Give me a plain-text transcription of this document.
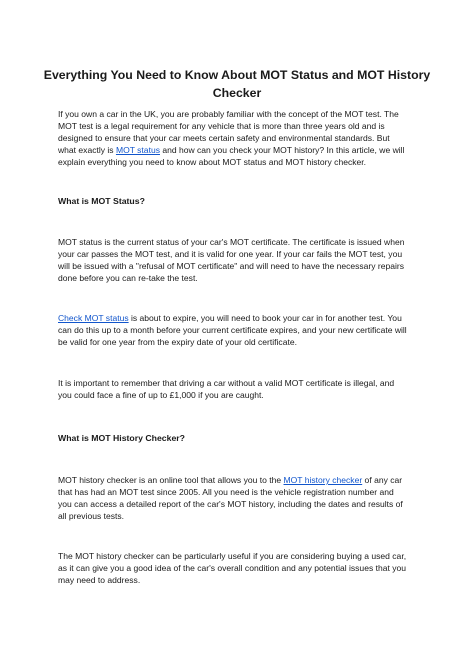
Everything You Need to Know About MOT Status and MOT History
Checker

If you own a car in the UK, you are probably familiar with the concept of the MOT test. The
MOT test is a legal requirement for any vehicle that is more than three years old and is
designed to ensure that your car meets certain safety and environmental standards. But
what exactly is MOT status and how can you check your MOT history? In this article, we will
explain everything you need to know about MOT status and MOT history checker.

What is MOT Status?

MOT status is the current status of your car's MOT certificate. The certificate is issued when
your car passes the MOT test, and it is valid for one year. If your car fails the MOT test, you
will be issued with a "refusal of MOT certificate" and will need to have the necessary repairs
done before you can re-take the test.

Check MOT status is about to expire, you will need to book your car in for another test. You
can do this up to a month before your current certificate expires, and your new certificate will
be valid for one year from the expiry date of your old certificate.

It is important to remember that driving a car without a valid MOT certificate is illegal, and
you could face a fine of up to £1,000 if you are caught.

What is MOT History Checker?

MOT history checker is an online tool that allows you to the MOT history checker of any car
that has had an MOT test since 2005. All you need is the vehicle registration number and
you can access a detailed report of the car's MOT history, including the dates and results of
all previous tests.

The MOT history checker can be particularly useful if you are considering buying a used car,
as it can give you a good idea of the car's overall condition and any potential issues that you
may need to address.
